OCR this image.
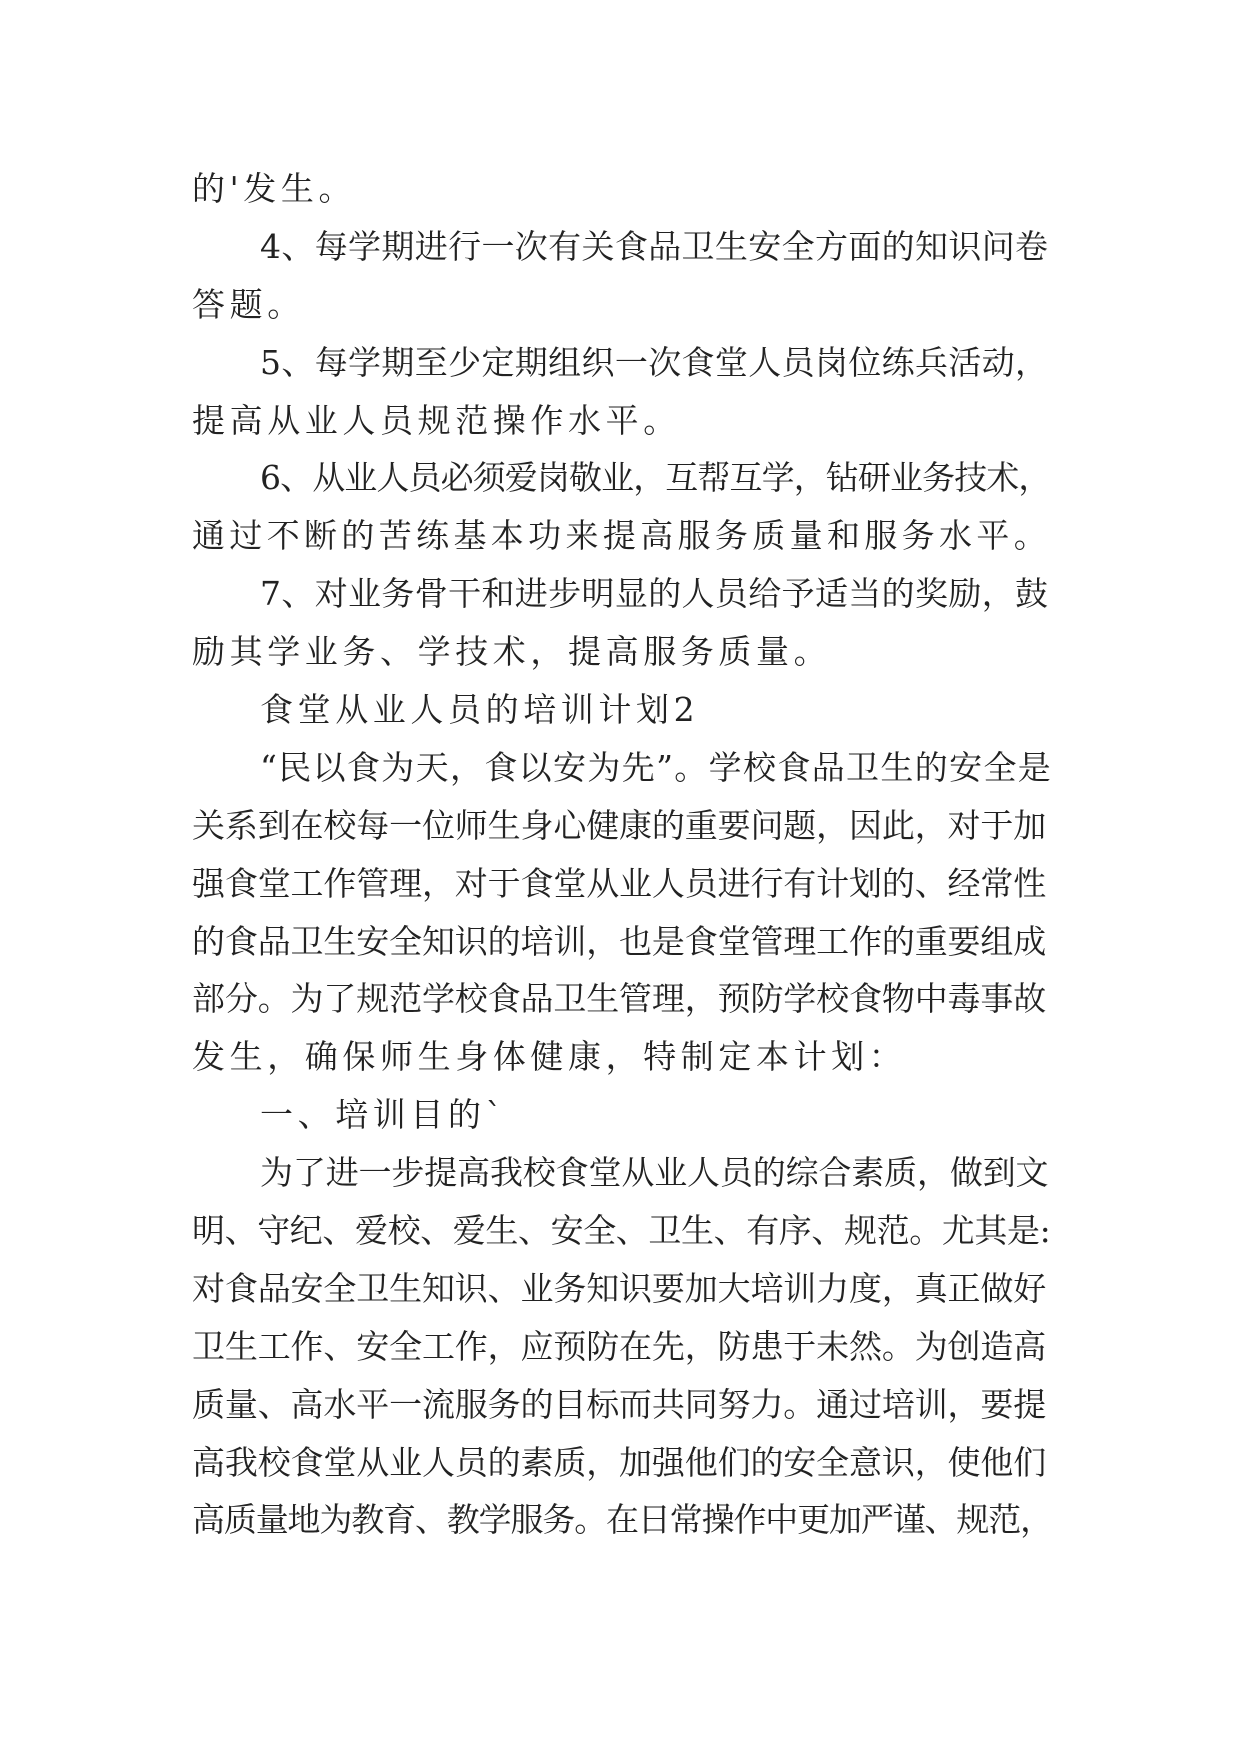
的'发生。
4、每学期进行一次有关食品卫生安全方面的知识问卷
答题。
5、每学期至少定期组织一次食堂人员岗位练兵活动，
提高从业人员规范操作水平。
6、从业人员必须爱岗敬业，互帮互学，钻研业务技术，
通过不断的苦练基本功来提高服务质量和服务水平。
7、对业务骨干和进步明显的人员给予适当的奖励，鼓
励其学业务、学技术，提高服务质量。
食堂从业人员的培训计划2
“民以食为天，食以安为先”。学校食品卫生的安全是
关系到在校每一位师生身心健康的重要问题，因此，对于加
强食堂工作管理，对于食堂从业人员进行有计划的、经常性
的食品卫生安全知识的培训，也是食堂管理工作的重要组成
部分。为了规范学校食品卫生管理，预防学校食物中毒事故
发生，确保师生身体健康，特制定本计划：
一、培训目的`
为了进一步提高我校食堂从业人员的综合素质，做到文
明、守纪、爱校、爱生、安全、卫生、有序、规范。尤其是:
对食品安全卫生知识、业务知识要加大培训力度，真正做好
卫生工作、安全工作，应预防在先，防患于未然。为创造高
质量、高水平一流服务的目标而共同努力。通过培训，要提
高我校食堂从业人员的素质，加强他们的安全意识，使他们
高质量地为教育、教学服务。在日常操作中更加严谨、规范，
